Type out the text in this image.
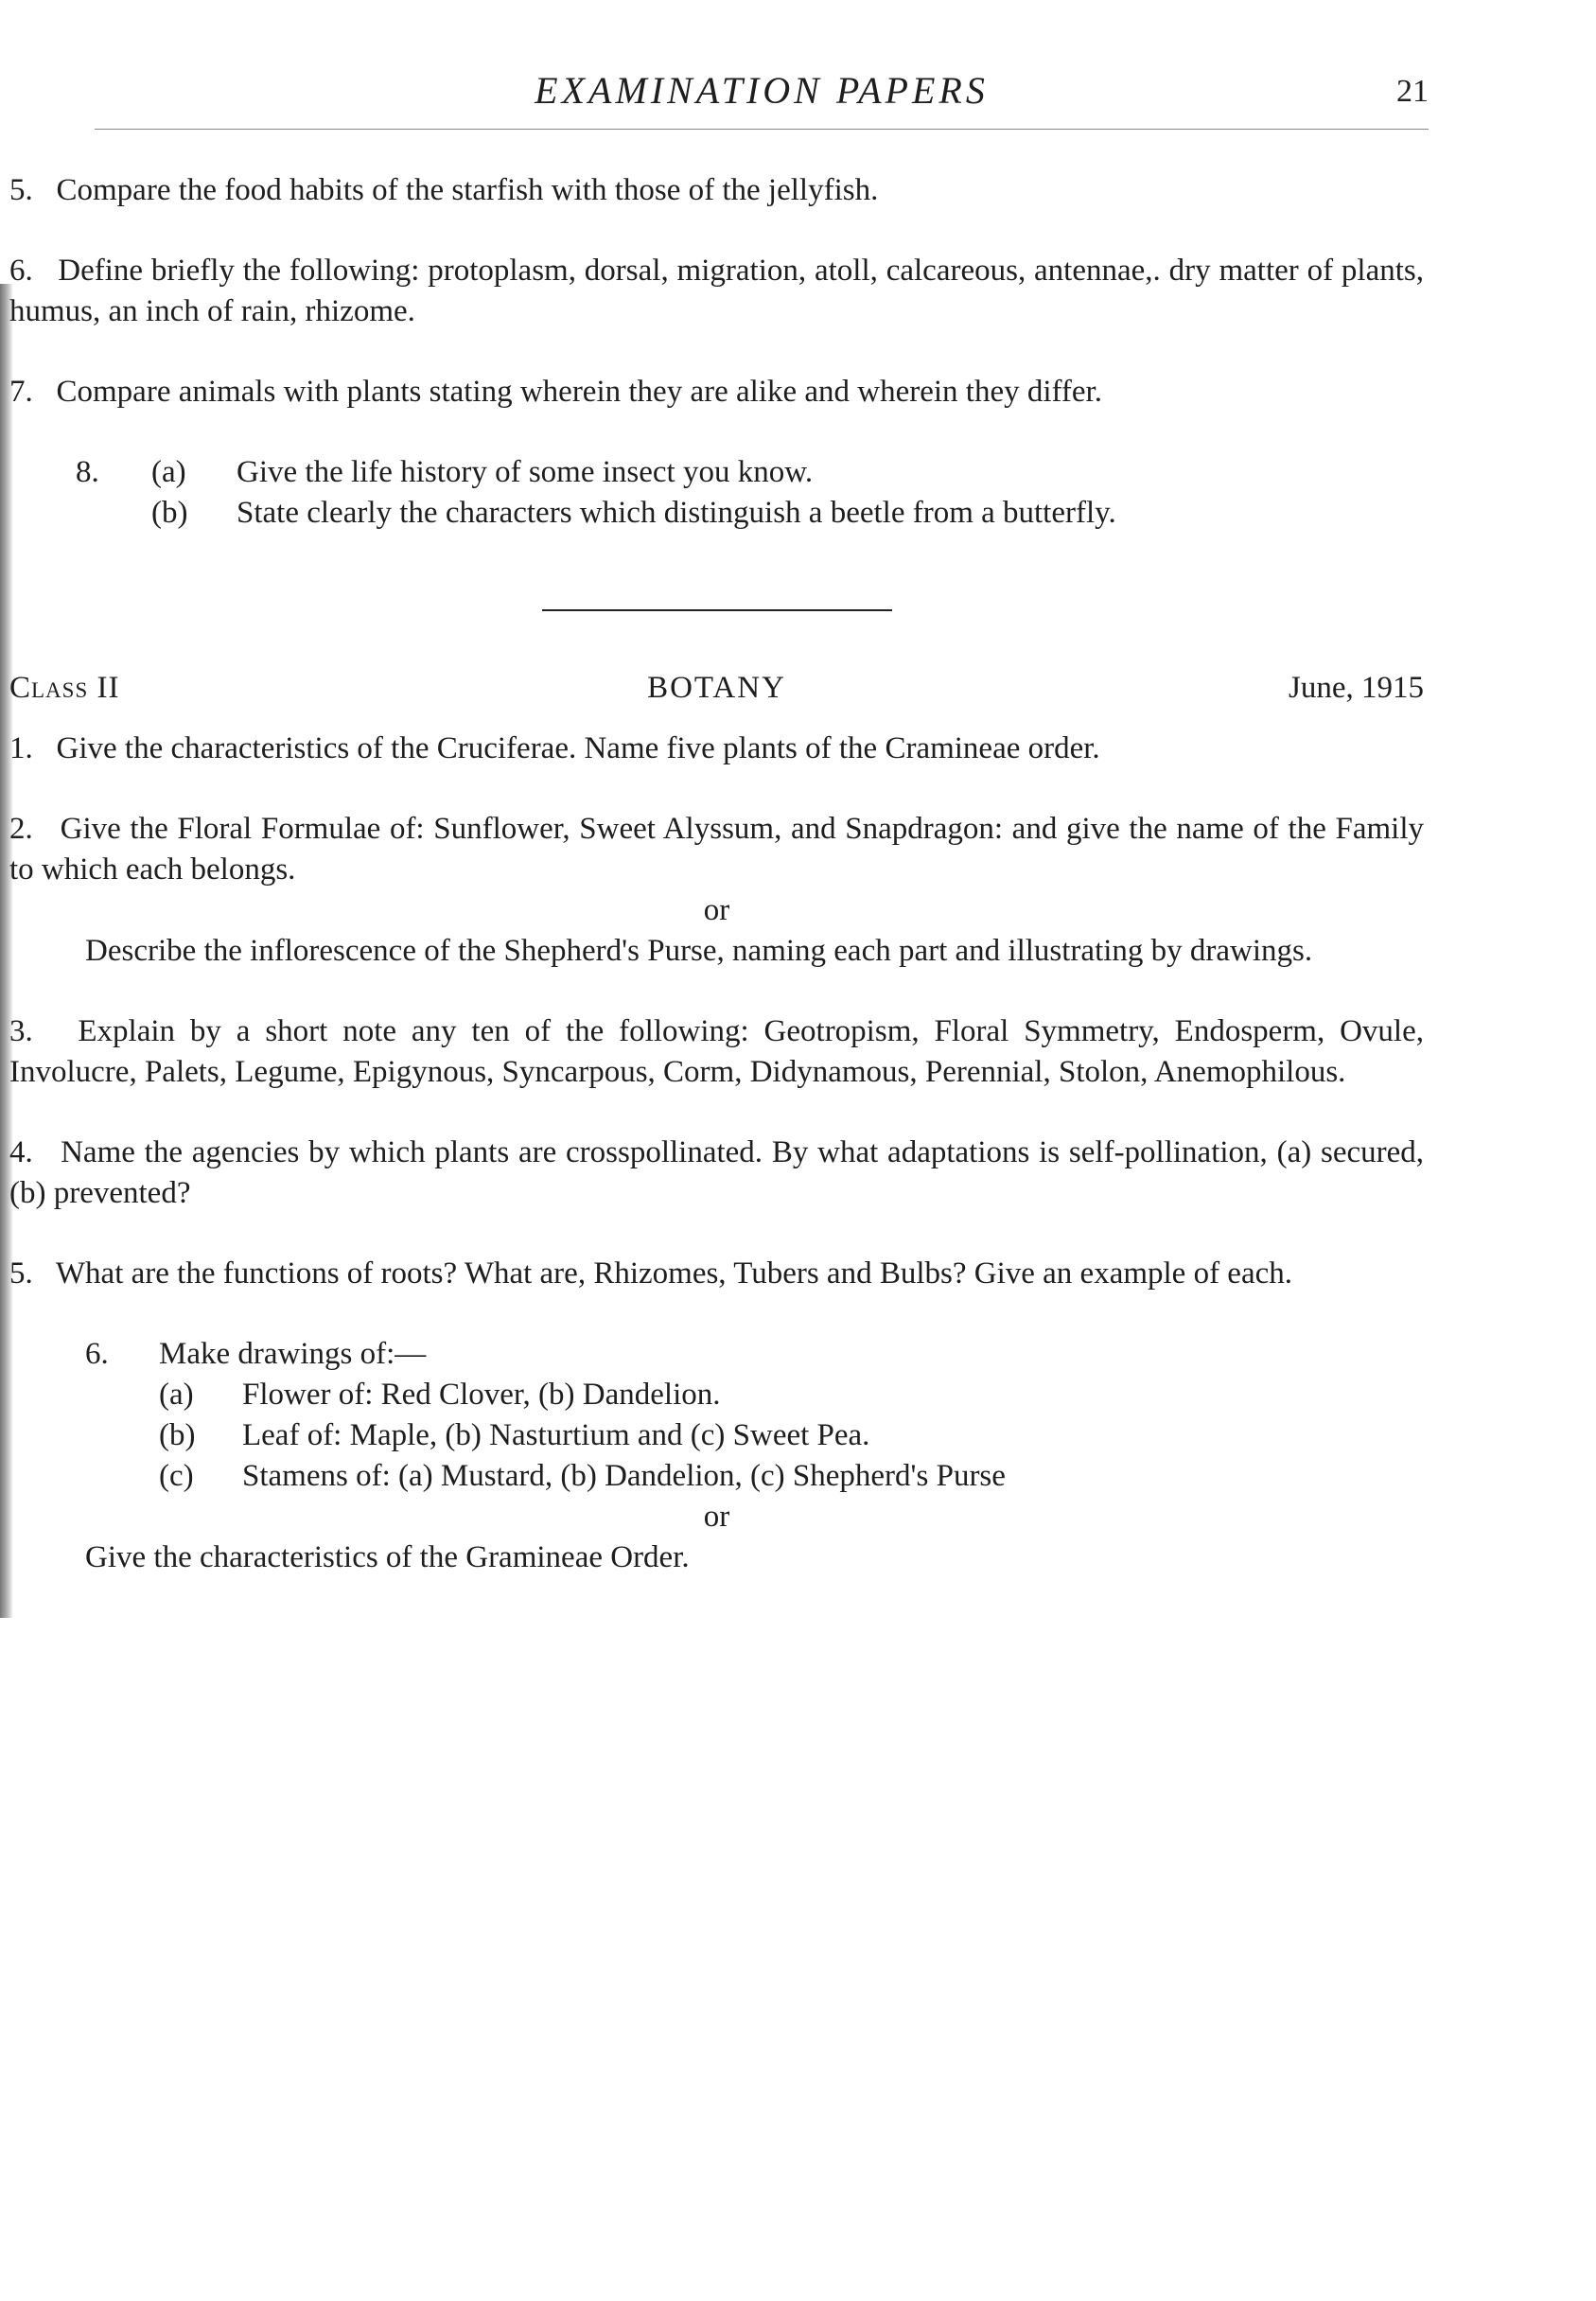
EXAMINATION PAPERS	21

5. Compare the food habits of the starfish with those of the jellyfish.

6. Define briefly the following: protoplasm, dorsal, migration, atoll, calcareous, antennae,. dry matter of plants, humus, an inch of rain, rhizome.

7. Compare animals with plants stating wherein they are alike and wherein they differ.

8. (a) Give the life history of some insect you know.
(b) State clearly the characters which distinguish a beetle from a butterfly.
Class II	BOTANY	June, 1915

1. Give the characteristics of the Cruciferae. Name five plants of the Cramineae order.

2. Give the Floral Formulae of: Sunflower, Sweet Alyssum, and Snapdragon: and give the name of the Family to which each belongs.

or

Describe the inflorescence of the Shepherd's Purse, naming each part and illustrating by drawings.

3. Explain by a short note any ten of the following: Geotropism, Floral Symmetry, Endosperm, Ovule, Involucre, Palets, Legume, Epigynous, Syncarpous, Corm, Didynamous, Perennial, Stolon, Anemophilous.

4. Name the agencies by which plants are crosspollinated. By what adaptations is self-pollination, (a) secured, (b) prevented?

5. What are the functions of roots? What are, Rhizomes, Tubers and Bulbs? Give an example of each.

6. Make drawings of:—
(a) Flower of: Red Clover, (b) Dandelion.
(b) Leaf of: Maple, (b) Nasturtium and (c) Sweet Pea.
(c) Stamens of: (a) Mustard, (b) Dandelion, (c) Shepherd's Purse

or

Give the characteristics of the Gramineae Order.
